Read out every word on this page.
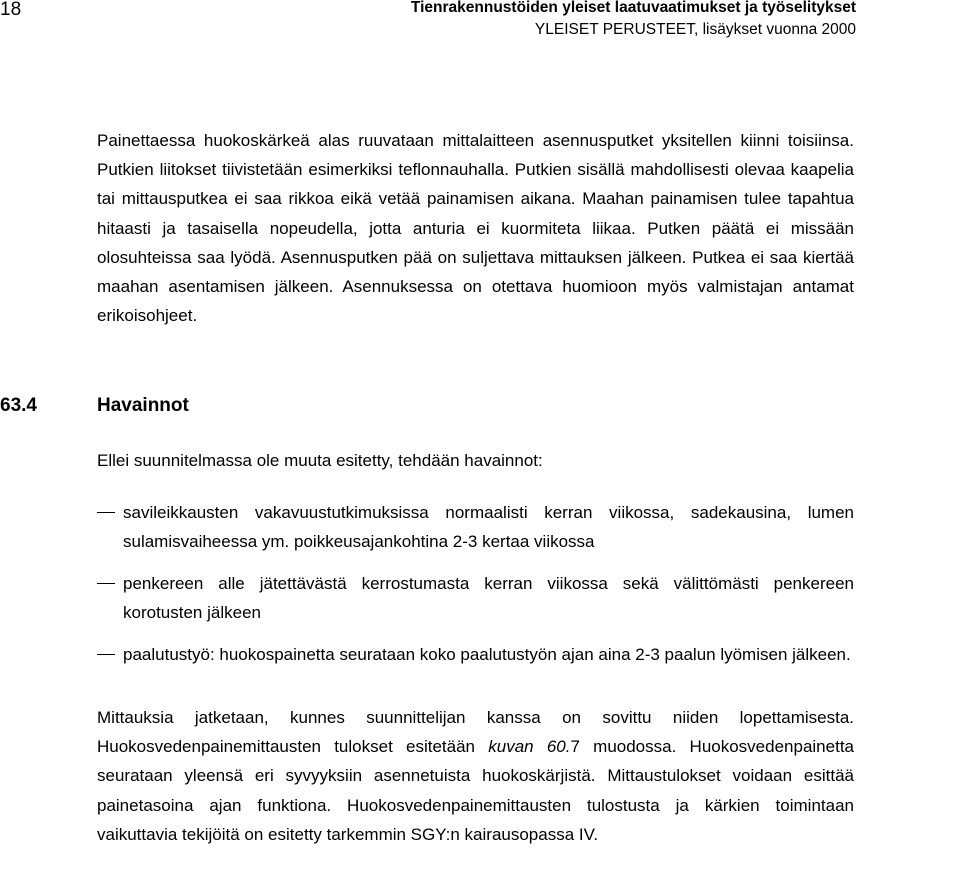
18	Tienrakennustöiden yleiset laatuvaatimukset ja työselitykset
YLEISET PERUSTEET, lisäykset vuonna 2000

Painettaessa huokoskärkeä alas ruuvataan mittalaitteen asennusputket yksitellen kiinni toisiinsa. Putkien liitokset tiivistetään esimerkiksi teflonnauhalla. Putkien sisällä mahdollisesti olevaa kaapelia tai mittausputkea ei saa rikkoa eikä vetää painamisen aikana. Maahan painamisen tulee tapahtua hitaasti ja tasaisella nopeudella, jotta anturia ei kuormiteta liikaa. Putken päätä ei missään olosuhteissa saa lyödä. Asennusputken pää on suljettava mittauksen jälkeen. Putkea ei saa kiertää maahan asentamisen jälkeen. Asennuksessa on otettava huomioon myös valmistajan antamat erikoisohjeet.

63.4	Havainnot

Ellei suunnitelmassa ole muuta esitetty, tehdään havainnot:

savileikkausten vakavuustutkimuksissa normaalisti kerran viikossa, sadekausina, lumen sulamisvaiheessa ym. poikkeusajankohtina 2-3 kertaa viikossa
penkereen alle jätettävästä kerrostumasta kerran viikossa sekä välittömästi penkereen korotusten jälkeen
paalutustyö: huokospainetta seurataan koko paalutustyön ajan aina 2-3 paalun lyömisen jälkeen.

Mittauksia jatketaan, kunnes suunnittelijan kanssa on sovittu niiden lopettamisesta. Huokosvedenpainemittausten tulokset esitetään kuvan 60.7 muodossa. Huokosvedenpainetta seurataan yleensä eri syvyyksiin asennetuista huokoskärjistä. Mittaustulokset voidaan esittää painetasoina ajan funktiona. Huokosvedenpainemittausten tulostusta ja kärkien toimintaan vaikuttavia tekijöitä on esitetty tarkemmin SGY:n kairausopassa IV.
